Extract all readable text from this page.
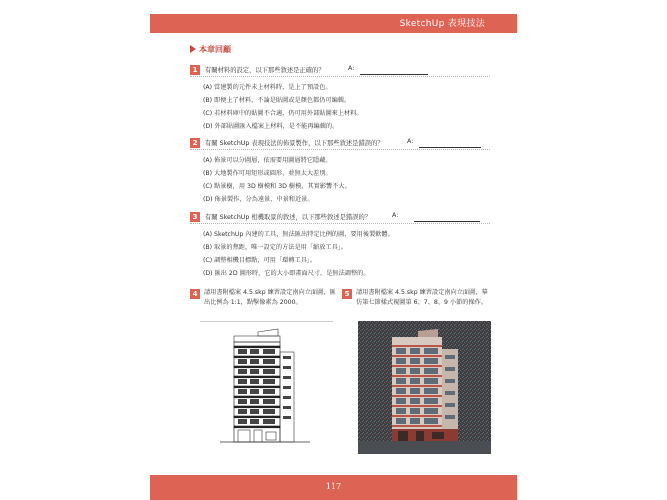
SketchUp 表現技法
本章回顧
1	有關材料的設定，以下那些敘述是正確的？	A:
(A) 當建製的元件未上材料時，是上了預設色。
(B) 即便上了材料，不論是貼圖或是顏色都仍可編輯。
(C) 若材料庫中的貼圖不合適，仍可用外部貼圖來上材料。
(D) 外部貼圖匯入檔案上材料，是不能再編輯的。
2	有關 SketchUp 表現技法的佈景製作，以下那些敘述是錯誤的？	A:
(A) 佈景可以分圖層，依需要用圖層將它隱藏。
(B) 大地製作可用矩形或圓形，並無太大差別。
(C) 點景樹，用 3D 樹模和 3D 樹模，其實影響不大。
(D) 佈景製作，分為遠景、中景和近景。
3	有關 SketchUp 相機取景的敘述，以下那些敘述是錯誤的？	A:
(A) SketchUp 內建的工具，無法匯出特定比例的圖，要用後製軟體。
(B) 取景的焦距，唯一設定的方法是用「縮放工具」。
(C) 調整相機目標點，可用「環轉工具」。
(D) 匯出 2D 圖形時，它的大小即畫面尺寸，是無法調整的。
4	請用書附檔案 4.5.skp 練習設定南向立面圖，匯出比例為 1:1，點擊像素為 2000。
5	請用書附檔案 4.5.skp 練習設定南向立面圖，摹仿第七節樣式視圖第 6、7、8、9 小節的操作。
117
